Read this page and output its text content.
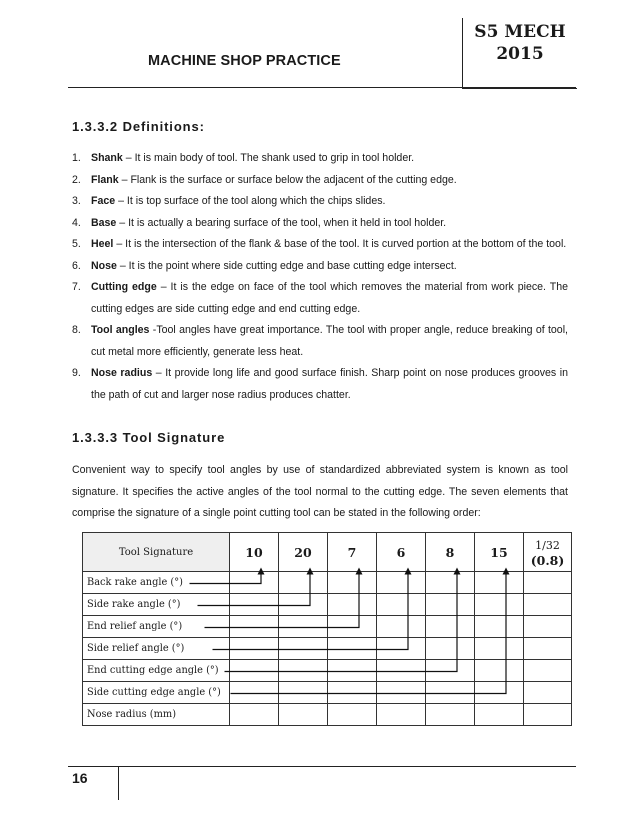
MACHINE SHOP PRACTICE
S5 MECH
2015
1.3.3.2 Definitions:
1. Shank – It is main body of tool. The shank used to grip in tool holder.
2. Flank – Flank is the surface or surface below the adjacent of the cutting edge.
3. Face – It is top surface of the tool along which the chips slides.
4. Base – It is actually a bearing surface of the tool, when it held in tool holder.
5. Heel – It is the intersection of the flank & base of the tool. It is curved portion at the bottom of the tool.
6. Nose – It is the point where side cutting edge and base cutting edge intersect.
7. Cutting edge – It is the edge on face of the tool which removes the material from work piece. The cutting edges are side cutting edge and end cutting edge.
8. Tool angles -Tool angles have great importance. The tool with proper angle, reduce breaking of tool, cut metal more efficiently, generate less heat.
9. Nose radius – It provide long life and good surface finish. Sharp point on nose produces grooves in the path of cut and larger nose radius produces chatter.
1.3.3.3 Tool Signature
Convenient way to specify tool angles by use of standardized abbreviated system is known as tool signature. It specifies the active angles of the tool normal to the cutting edge. The seven elements that comprise the signature of a single point cutting tool can be stated in the following order:
Tool Signature	10	20	7	6	8	15	1/32
(0.8)
Back rake angle (°)							
Side rake angle (°)							
End relief angle (°)							
Side relief angle (°)							
End cutting edge angle (°)							
Side cutting edge angle (°)							
Nose radius (mm)							
16
